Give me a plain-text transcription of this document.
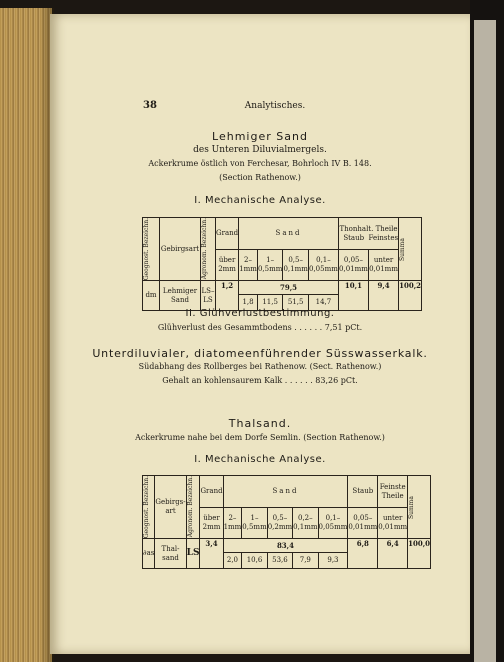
38	Analytisches.
Lehmiger Sand
des Unteren Diluvialmergels.
Ackerkrume östlich von Ferchesar, Bohrloch IV B. 148.
(Section Rathenow.)
I. Mechanische Analyse.
Geognost. Bezeichn.	Gebirgsart	Agronom. Bezeichn.	Grand	Sand				Thonhalt. Theile
Staub Feinstes		Summa

			über 2mm	2–1mm	1–0,5mm	0,5–0,1mm	0,1–0,05mm	0,05–0,01mm	unter 0,01mm	
dm	Lehmiger Sand	LS–LS	1,2	79,5				10,1	9,4	100,2
				1,8	11,5	51,5	14,7			
II. Glühverlustbestimmung.
Glühverlust des Gesammtbodens . . . . . . 7,51 pCt.
Unterdiluvialer, diatomeenführender Süsswasserkalk.
Südabhang des Rollberges bei Rathenow. (Sect. Rathenow.)
Gehalt an kohlensaurem Kalk . . . . . . 83,26 pCt.
Thalsand.
Ackerkrume nahe bei dem Dorfe Semlin. (Section Rathenow.)
I. Mechanische Analyse.
Geognost. Bezeichn.	Gebirgs-art	Agronom. Bezeichn.	Grand	Sand					Staub	Feinste Theile	Summa

			über 2mm	2–1mm	1–0,5mm	0,5–0,2mm	0,2–0,1mm	0,1–0,05mm	0,05–0,01mm	unter 0,01mm	
∂as	Thal-sand	LS	3,4	83,4					6,8	6,4	100,0
				2,0	10,6	53,6	7,9	9,3			
